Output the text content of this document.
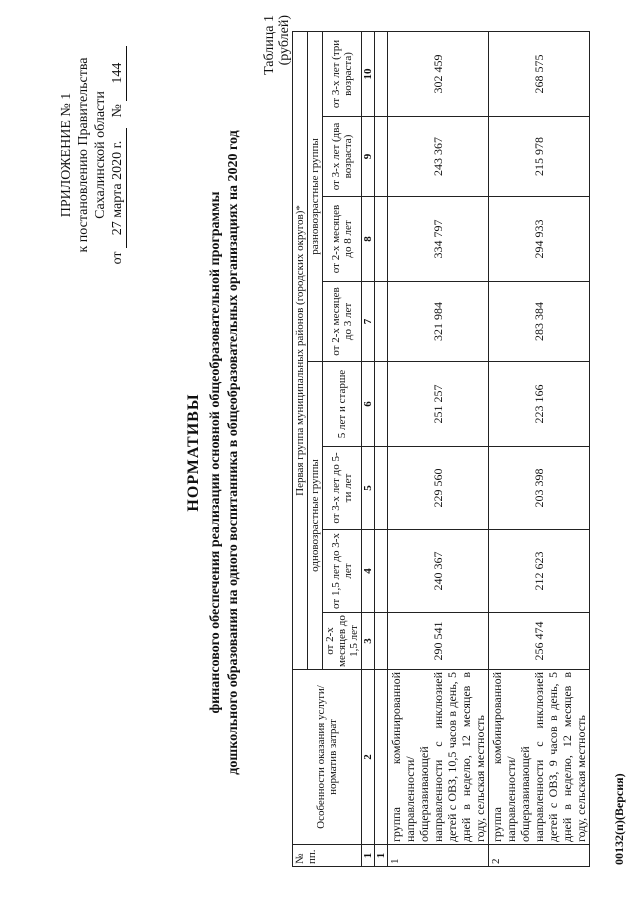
ПРИЛОЖЕНИЕ № 1 к постановлению Правительства Сахалинской области
от 27 марта 2020 г.   № 144
НОРМАТИВЫ финансового обеспечения реализации основной общеобразовательной программы дошкольного образования на одного воспитанника в общеобразовательных организациях на 2020 год
Таблица 1 (рублей)
№ пп.	Особенности оказания услуги/норматив затрат	Первая группа муниципальных районов (городских округов)*							
		одновозрастные группы				разновозрастные группы			
		от 2-х месяцев до 1,5 лет	от 1,5 лет до 3-х лет	от 3-х лет до 5-ти лет	5 лет и старше	от 2-х месяцев до 3 лет	от 2-х месяцев до 8 лет	от 3-х лет (два возраста)	от 3-х лет (три возраста)
1	2	3	4	5	6	7	8	9	10
1									
1	группа комбинированной направленности/ общеразвивающей направленности с инклюзией детей с ОВЗ, 10,5 часов в день, 5 дней в неделю, 12 месяцев в году, сельская местность	290 541	240 367	229 560	251 257	321 984	334 797	243 367	302 459
2	группа комбинированной направленности/ общеразвивающей направленности с инклюзией детей с ОВЗ, 9 часов в день, 5 дней в неделю, 12 месяцев в году, сельская местность	256 474	212 623	203 398	223 166	283 384	294 933	215 978	268 575
00132(п)(Версия)
